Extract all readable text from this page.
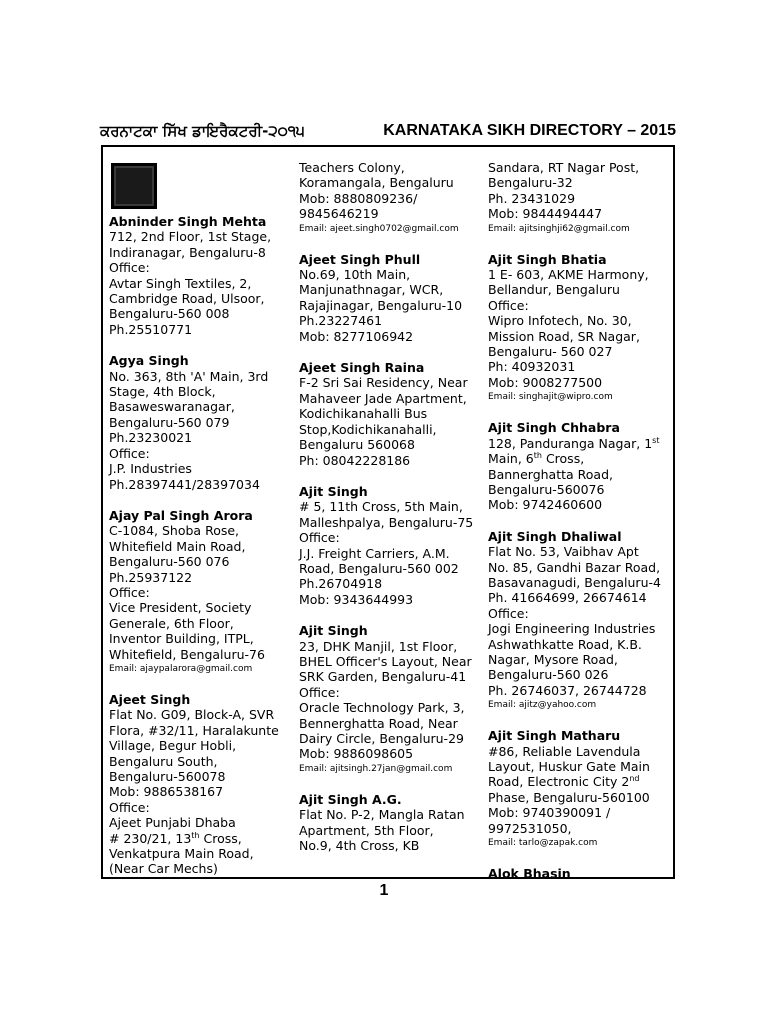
ਕਰਨਾਟਕਾ ਸਿੱਖ ਡਾਇਰੈਕਟਰੀ-੨੦੧੫	KARNATAKA SIKH DIRECTORY – 2015
Abninder Singh Mehta
712, 2nd Floor, 1st Stage,
Indiranagar, Bengaluru-8
Office:
Avtar Singh Textiles, 2,
Cambridge Road, Ulsoor,
Bengaluru-560 008
Ph.25510771
Agya Singh
No. 363, 8th 'A' Main, 3rd
Stage, 4th Block,
Basaweswaranagar,
Bengaluru-560 079
Ph.23230021
Office:
J.P. Industries
Ph.28397441/28397034
Ajay Pal Singh Arora
C-1084, Shoba Rose,
Whitefield Main Road,
Bengaluru-560 076
Ph.25937122
Office:
Vice President, Society
Generale, 6th Floor,
Inventor Building, ITPL,
Whitefield, Bengaluru-76
Email: ajaypalarora@gmail.com
Ajeet Singh
Flat No. G09, Block-A, SVR
Flora, #32/11, Haralakunte
Village, Begur Hobli,
Bengaluru South,
Bengaluru-560078
Mob: 9886538167
Office:
Ajeet Punjabi Dhaba
# 230/21, 13th Cross,
Venkatpura Main Road,
(Near Car Mechs)
Teachers Colony,
Koramangala, Bengaluru
Mob: 8880809236/
9845646219
Email: ajeet.singh0702@gmail.com
Ajeet Singh Phull
No.69, 10th Main,
Manjunathnagar, WCR,
Rajajinagar, Bengaluru-10
Ph.23227461
Mob: 8277106942
Ajeet Singh Raina
F-2 Sri Sai Residency, Near
Mahaveer Jade Apartment,
Kodichikanahalli Bus
Stop,Kodichikanahalli,
Bengaluru 560068
Ph: 08042228186
Ajit Singh
# 5, 11th Cross, 5th Main,
Malleshpalya, Bengaluru-75
Office:
J.J. Freight Carriers, A.M.
Road, Bengaluru-560 002
Ph.26704918
Mob: 9343644993
Ajit Singh
23, DHK Manjil, 1st Floor,
BHEL Officer's Layout, Near
SRK Garden, Bengaluru-41
Office:
Oracle Technology Park, 3,
Bennerghatta Road, Near
Dairy Circle, Bengaluru-29
Mob: 9886098605
Email: ajitsingh.27jan@gmail.com
Ajit Singh A.G.
Flat No. P-2, Mangla Ratan
Apartment, 5th Floor,
No.9, 4th Cross, KB
Sandara, RT Nagar Post,
Bengaluru-32
Ph. 23431029
Mob: 9844494447
Email: ajitsinghji62@gmail.com
Ajit Singh Bhatia
1 E- 603, AKME Harmony,
Bellandur, Bengaluru
Office:
Wipro Infotech, No. 30,
Mission Road, SR Nagar,
Bengaluru- 560 027
Ph: 40932031
Mob: 9008277500
Email: singhajit@wipro.com
Ajit Singh Chhabra
128, Panduranga Nagar, 1st
Main, 6th Cross,
Bannerghatta Road,
Bengaluru-560076
Mob: 9742460600
Ajit Singh Dhaliwal
Flat No. 53, Vaibhav Apt
No. 85, Gandhi Bazar Road,
Basavanagudi, Bengaluru-4
Ph. 41664699, 26674614
Office:
Jogi Engineering Industries
Ashwathkatte Road, K.B.
Nagar, Mysore Road,
Bengaluru-560 026
Ph. 26746037, 26744728
Email: ajitz@yahoo.com
Ajit Singh Matharu
#86, Reliable Lavendula
Layout, Huskur Gate Main
Road, Electronic City 2nd
Phase, Bengaluru-560100
Mob: 9740390091 /
9972531050,
Email: tarlo@zapak.com
Alok Bhasin
1
